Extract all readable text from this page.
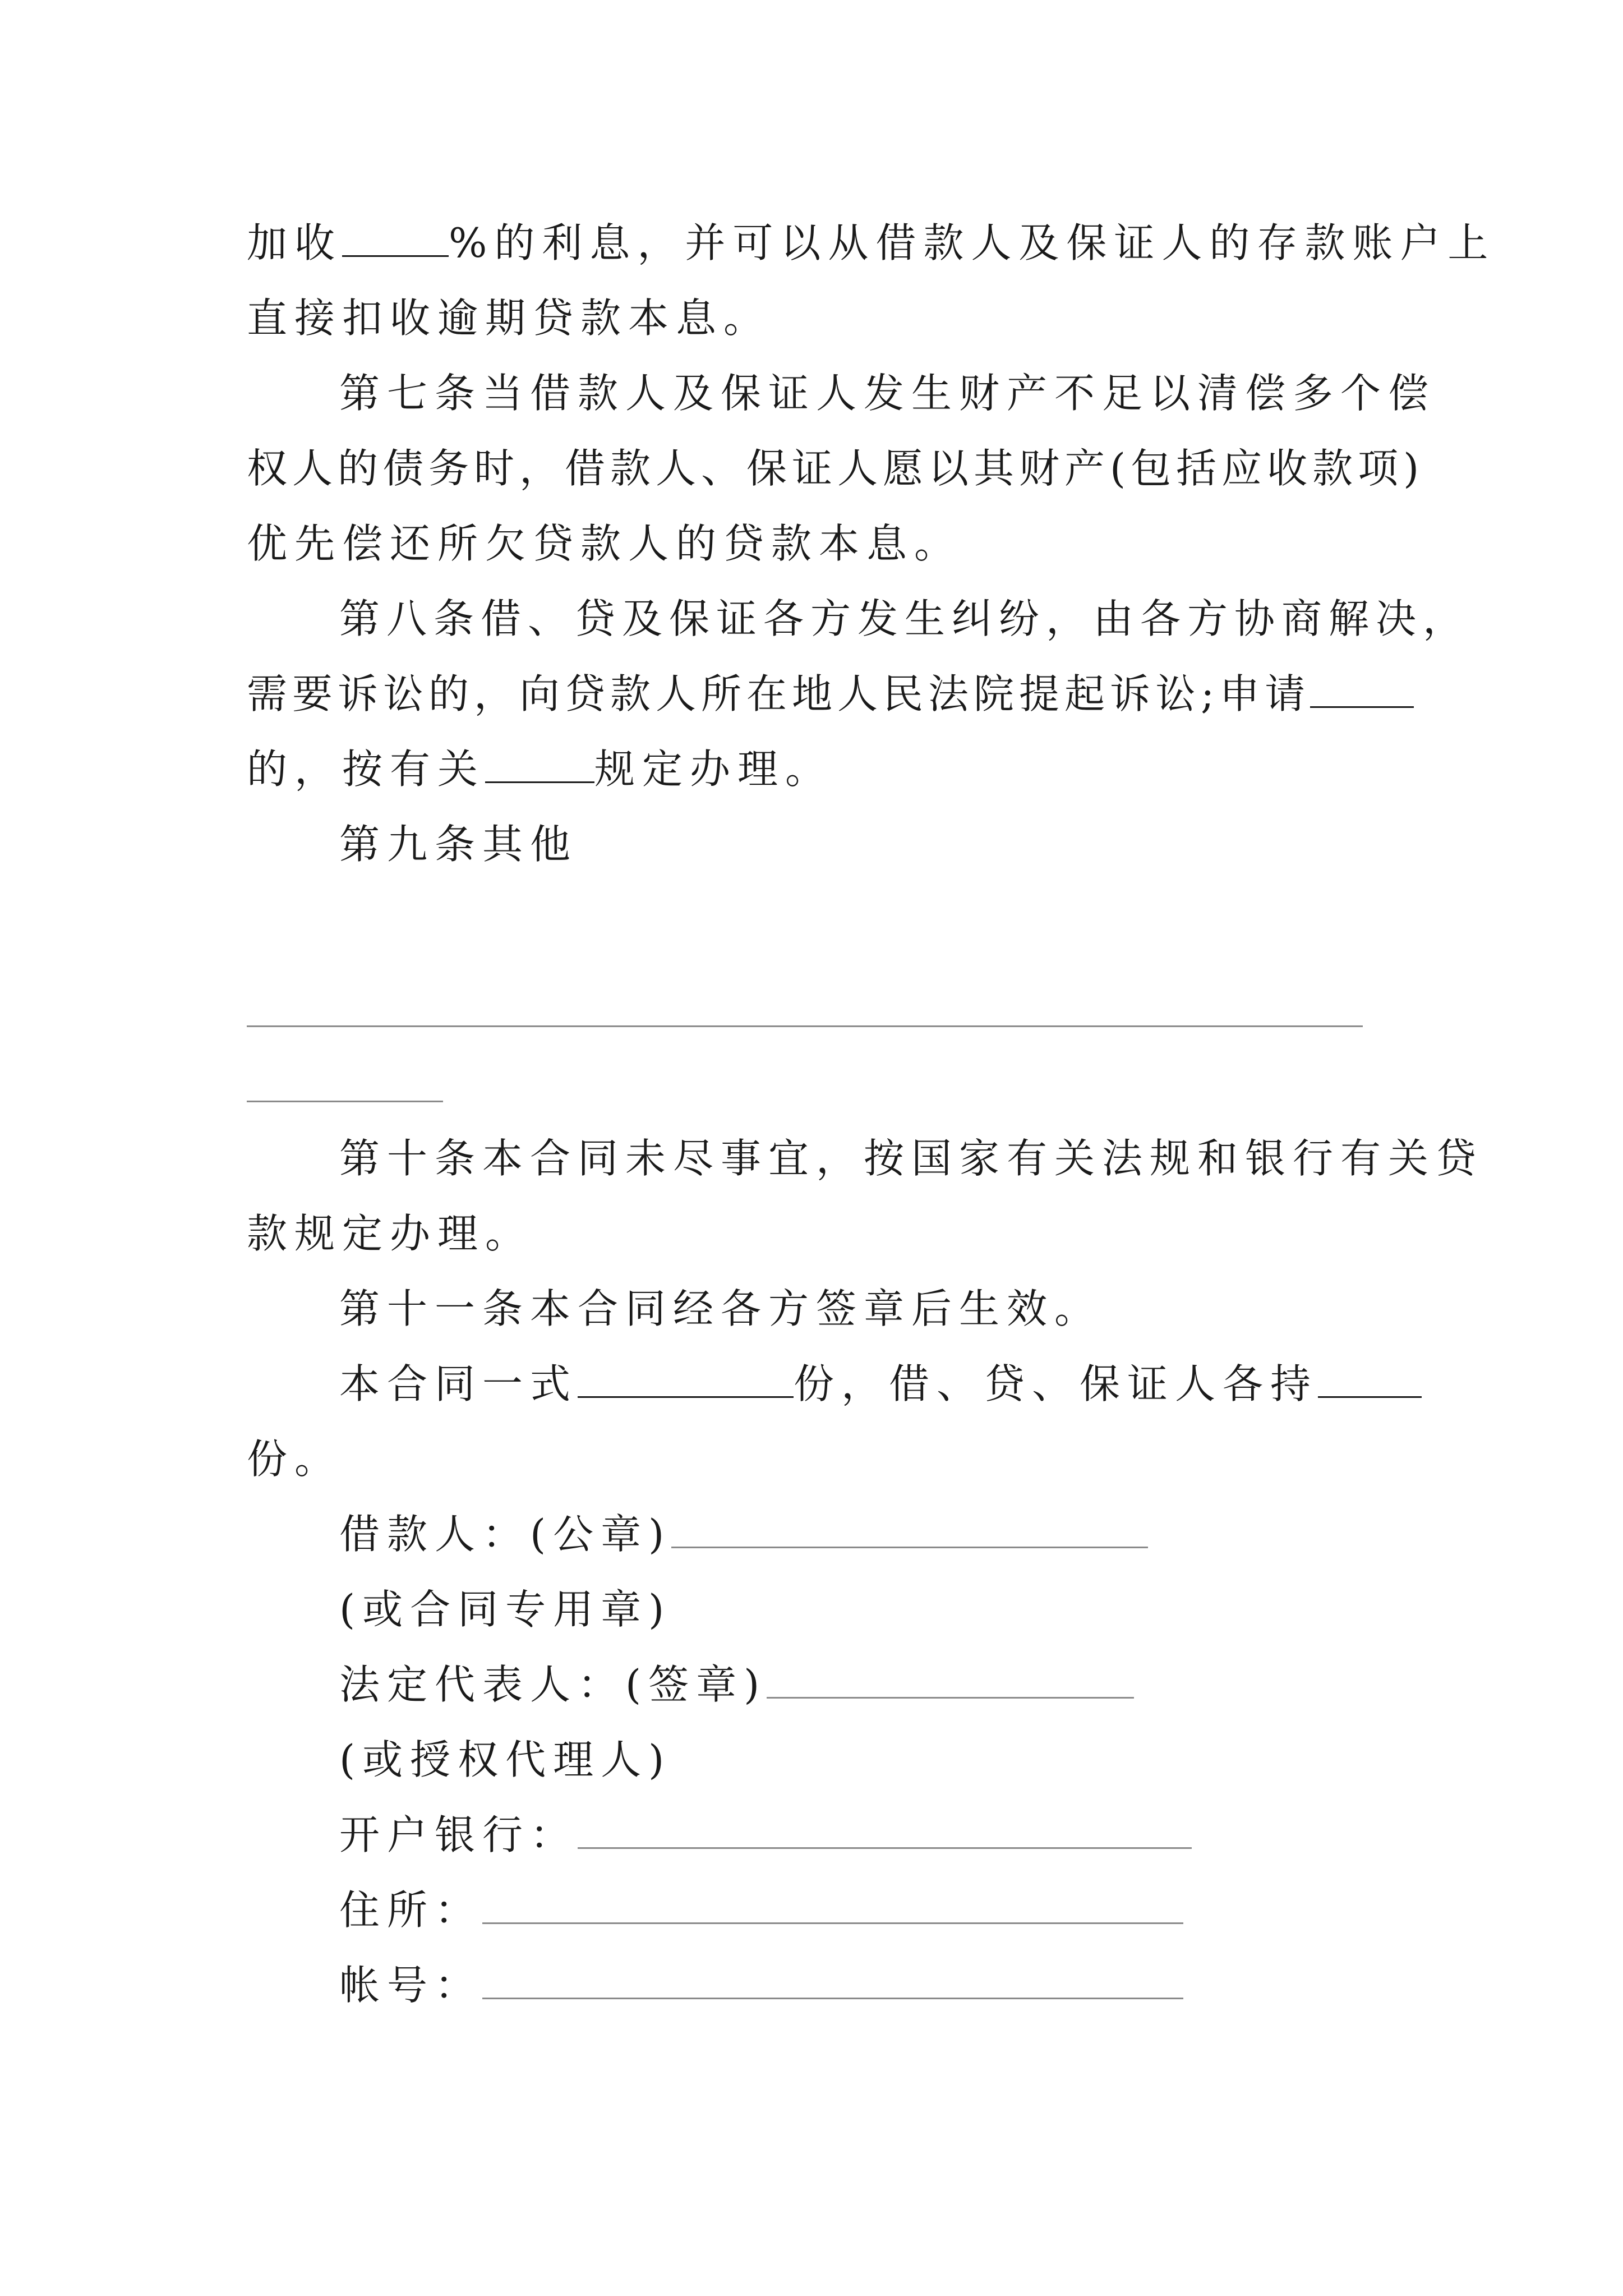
加收	%的利息，并可以从借款人及保证人的存款账户上
直接扣收逾期贷款本息。
第七条当借款人及保证人发生财产不足以清偿多个偿
权人的债务时，借款人、保证人愿以其财产(包括应收款项)
优先偿还所欠贷款人的贷款本息。
第八条借、贷及保证各方发生纠纷，由各方协商解决，
需要诉讼的，向贷款人所在地人民法院提起诉讼;申请
的，按有关	规定办理。
第九条其他
第十条本合同未尽事宜，按国家有关法规和银行有关贷
款规定办理。
第十一条本合同经各方签章后生效。
本合同一式	份，借、贷、保证人各持
份。
借款人：(公章)
(或合同专用章)
法定代表人：(签章)
(或授权代理人)
开户银行：
住所：
帐号：
